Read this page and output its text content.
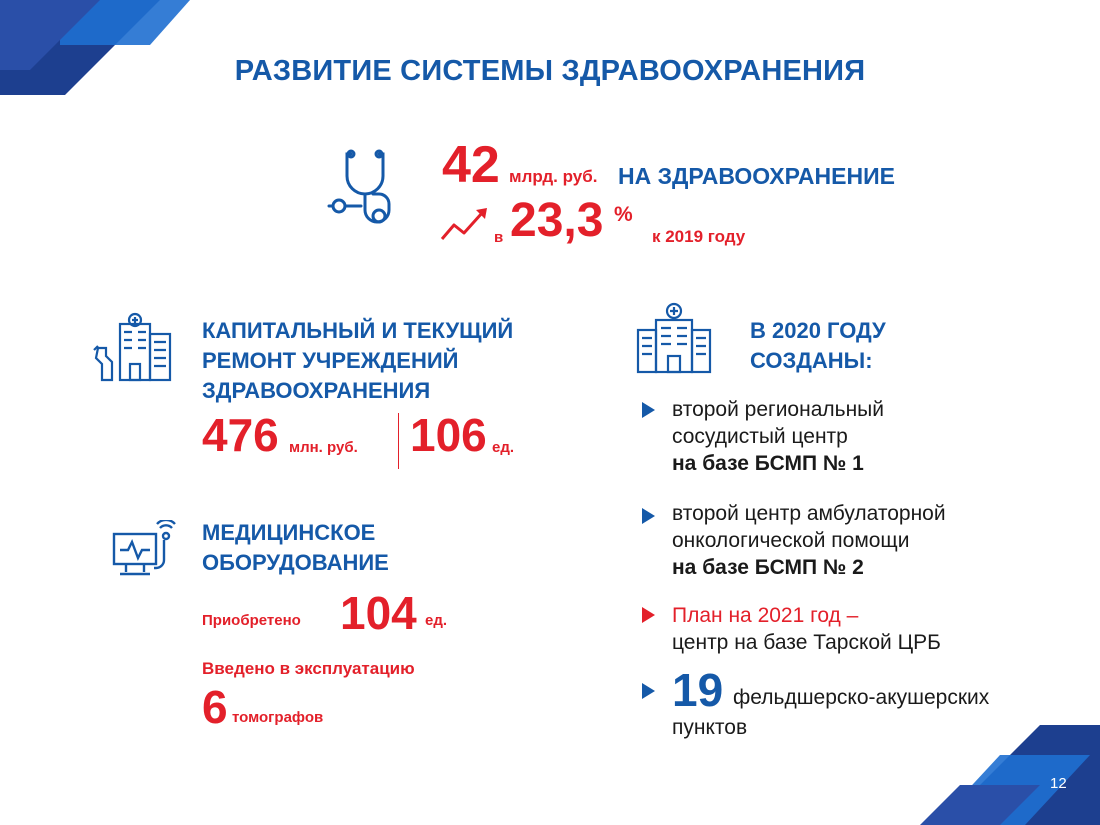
РАЗВИТИЕ СИСТЕМЫ ЗДРАВООХРАНЕНИЯ
42 млрд. руб. НА ЗДРАВООХРАНЕНИЕ
в 23,3 %
к 2019 году
КАПИТАЛЬНЫЙ И ТЕКУЩИЙ
РЕМОНТ УЧРЕЖДЕНИЙ
ЗДРАВООХРАНЕНИЯ
476 млн. руб. 106 ед.
МЕДИЦИНСКОЕ
ОБОРУДОВАНИЕ
Приобретено 104 ед.
Введено в эксплуатацию
6 томографов
В 2020 ГОДУ
СОЗДАНЫ:
второй региональный
сосудистый центр
на базе БСМП № 1
второй центр амбулаторной
онкологической помощи
на базе БСМП № 2
План на 2021 год –
центр на базе Тарской ЦРБ
19 фельдшерско-акушерских
пунктов
12
